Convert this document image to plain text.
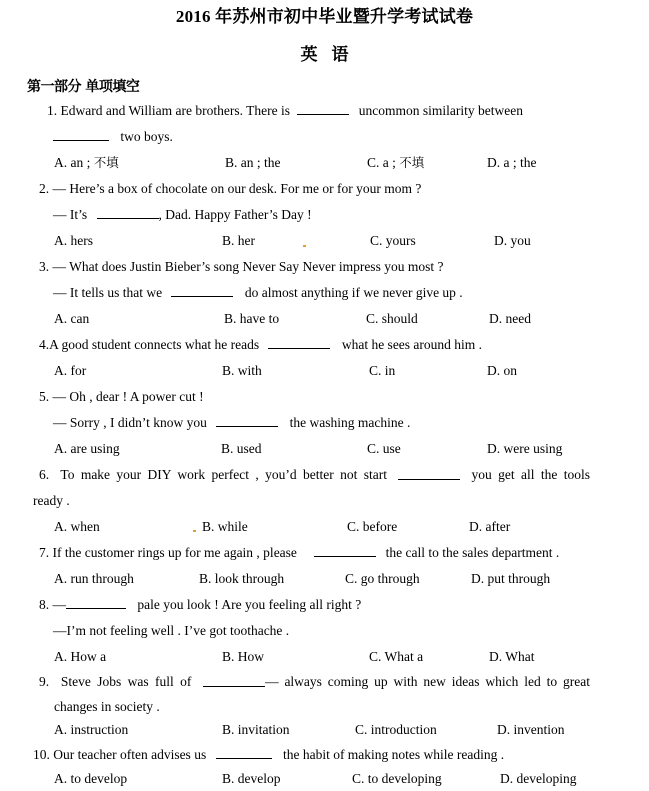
2016 年苏州市初中毕业暨升学考试试卷
英语
第一部分 单项填空
1. Edward and William are brothers. There is	uncommon similarity between
two boys.
A. an ; 不填	B. an ; the	C. a ; 不填	D. a ; the
2. — Here’s a box of chocolate on our desk. For me or for your mom ?
— It’s	, Dad. Happy Father’s Day !
A. hers	B. her	C. yours	D. you
3. — What does Justin Bieber’s song Never Say Never impress you most ?
— It tells us that we	do almost anything if we never give up .
A. can	B. have to	C. should	D. need
4.A good student connects what he reads	what he sees around him .
A. for	B. with	C. in	D. on
5. — Oh , dear ! A power cut !
— Sorry , I didn’t know you	the washing machine .
A. are using	B. used	C. use	D. were using
6. To make your DIY work perfect , you’d better not start	you get all the tools
ready .
A. when	B. while	C. before	D. after
7. If the customer rings up for me again , please	the call to the sales department .
A. run through	B. look through	C. go through	D. put through
8. —	pale you look ! Are you feeling all right ?
—I’m not feeling well . I’ve got toothache .
A. How a	B. How	C. What a	D. What
9. Steve Jobs was full of	— always coming up with new ideas which led to great
changes in society .
A. instruction	B. invitation	C. introduction	D. invention
10. Our teacher often advises us	the habit of making notes while reading .
A. to develop	B. develop	C. to developing	D. developing
